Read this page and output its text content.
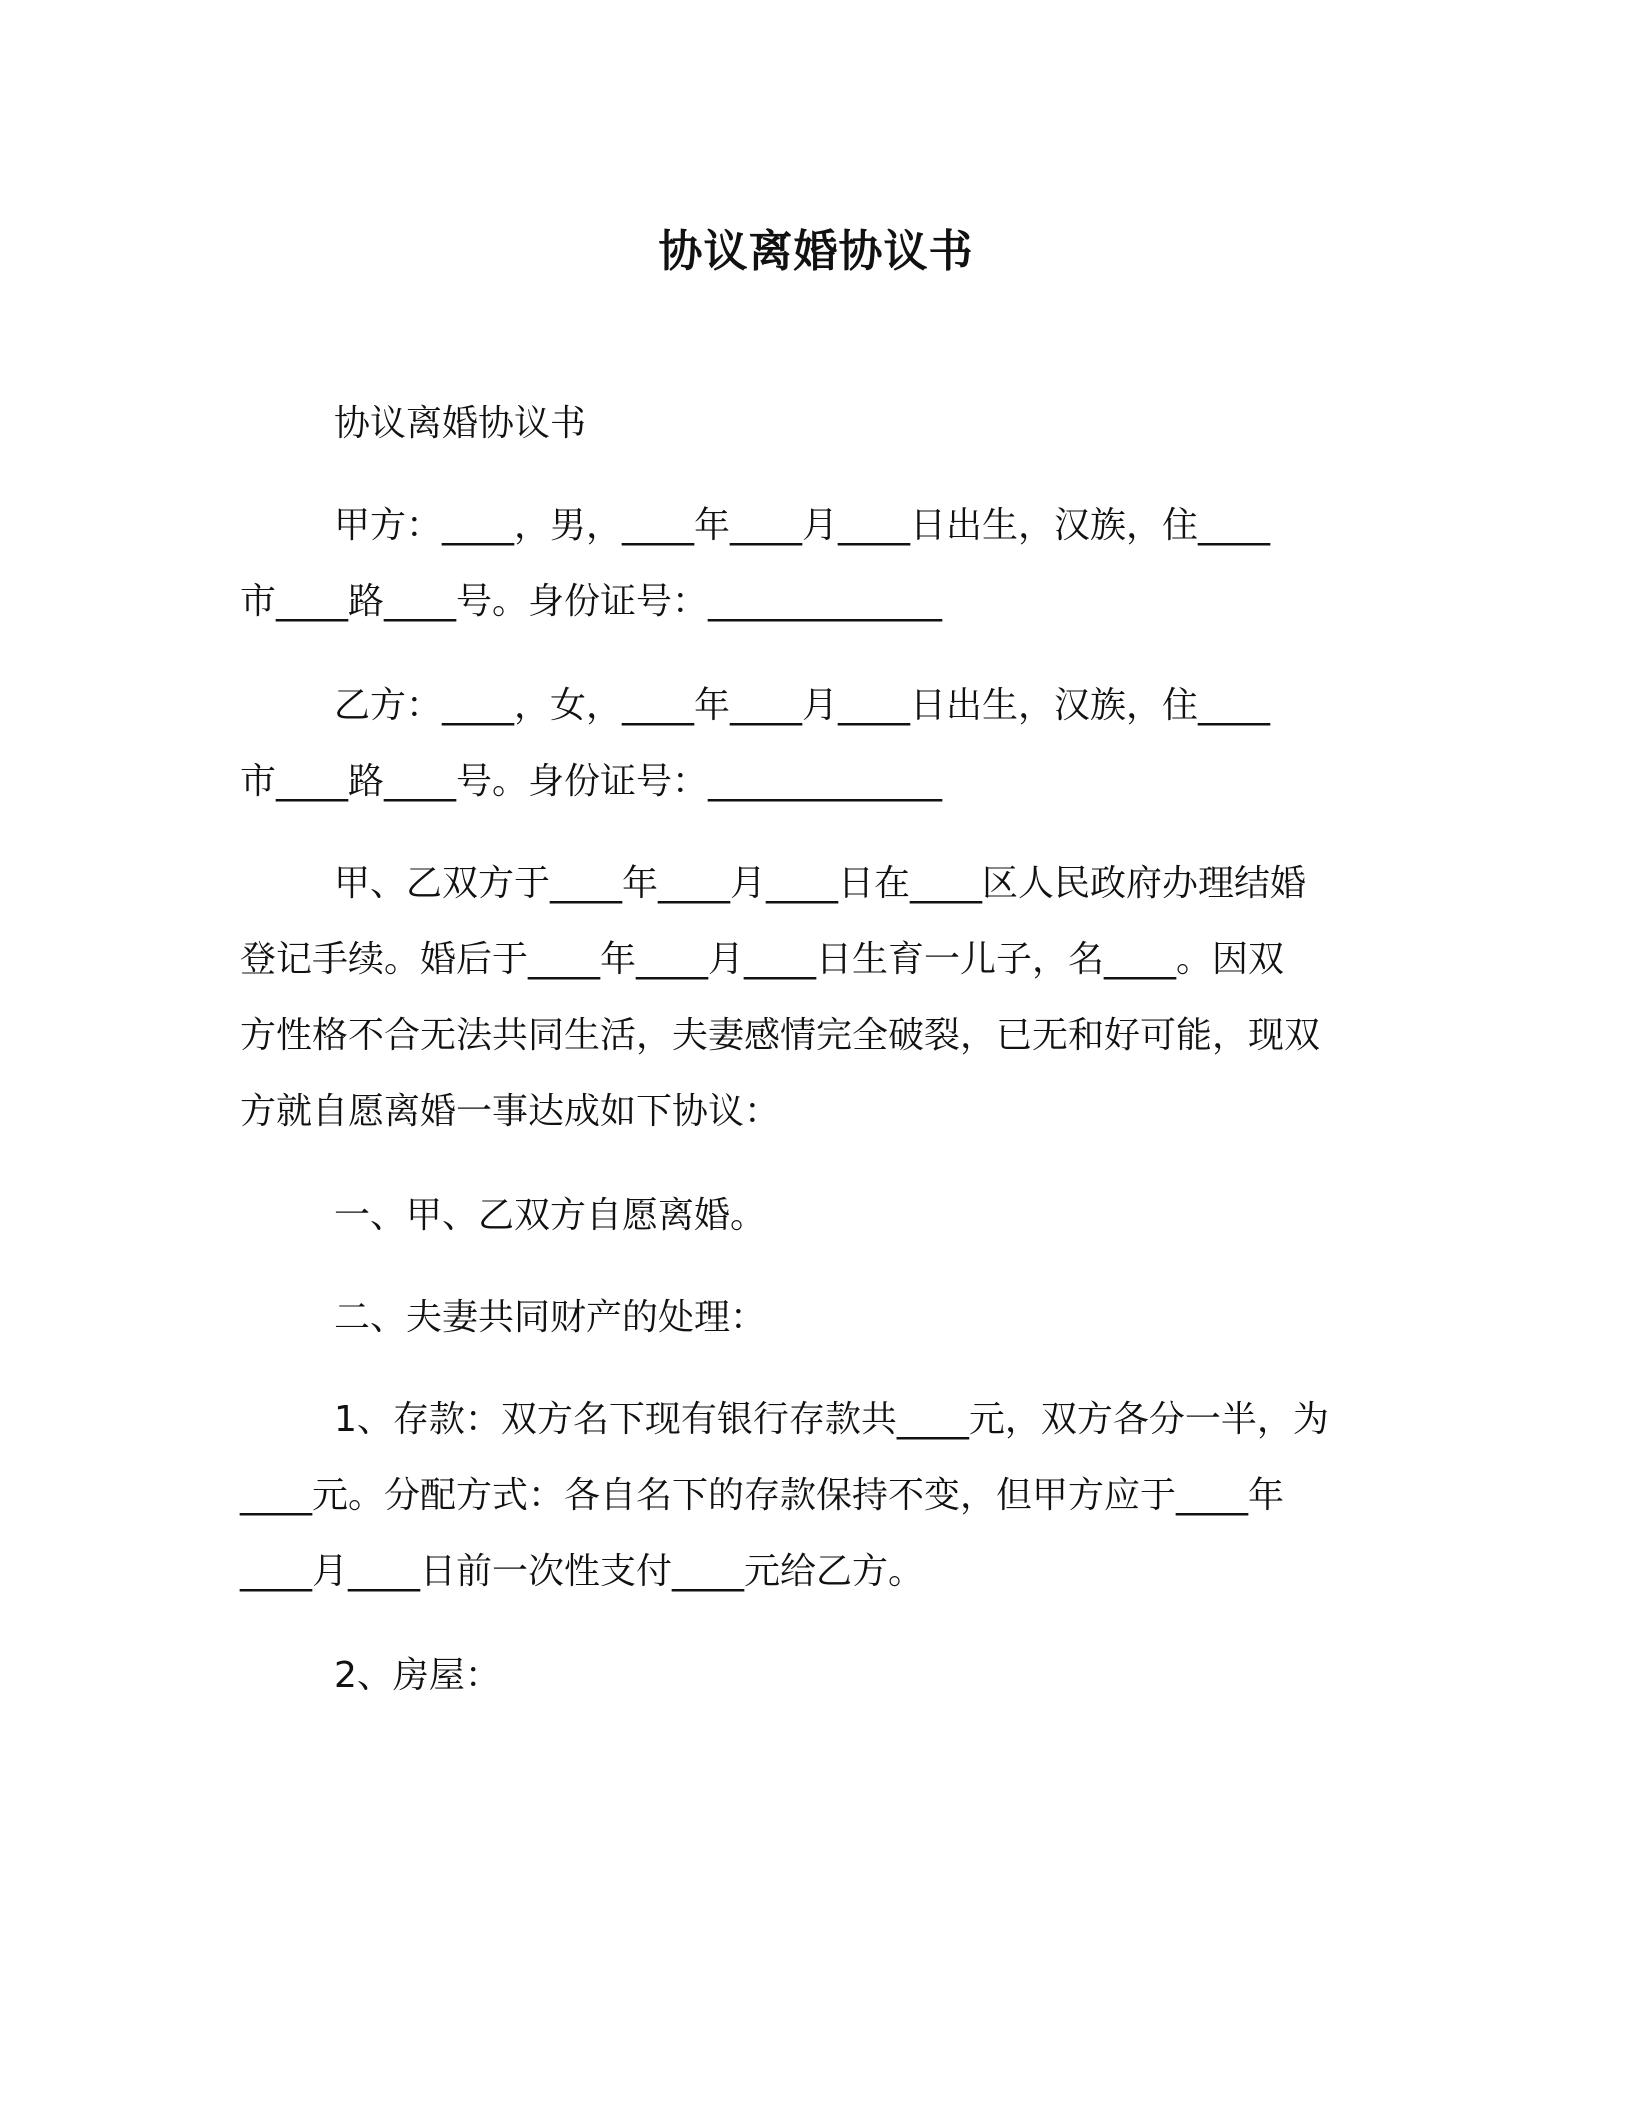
协议离婚协议书
协议离婚协议书
甲方：____，男，____年____月____日出生，汉族，住____
市____路____号。身份证号：_____________
乙方：____，女，____年____月____日出生，汉族，住____
市____路____号。身份证号：_____________
甲、乙双方于____年____月____日在____区人民政府办理结婚
登记手续。婚后于____年____月____日生育一儿子，名____。因双
方性格不合无法共同生活，夫妻感情完全破裂，已无和好可能，现双
方就自愿离婚一事达成如下协议：
一、甲、乙双方自愿离婚。
二、夫妻共同财产的处理：
1、存款：双方名下现有银行存款共____元，双方各分一半，为
____元。分配方式：各自名下的存款保持不变，但甲方应于____年
____月____日前一次性支付____元给乙方。
2、房屋：
